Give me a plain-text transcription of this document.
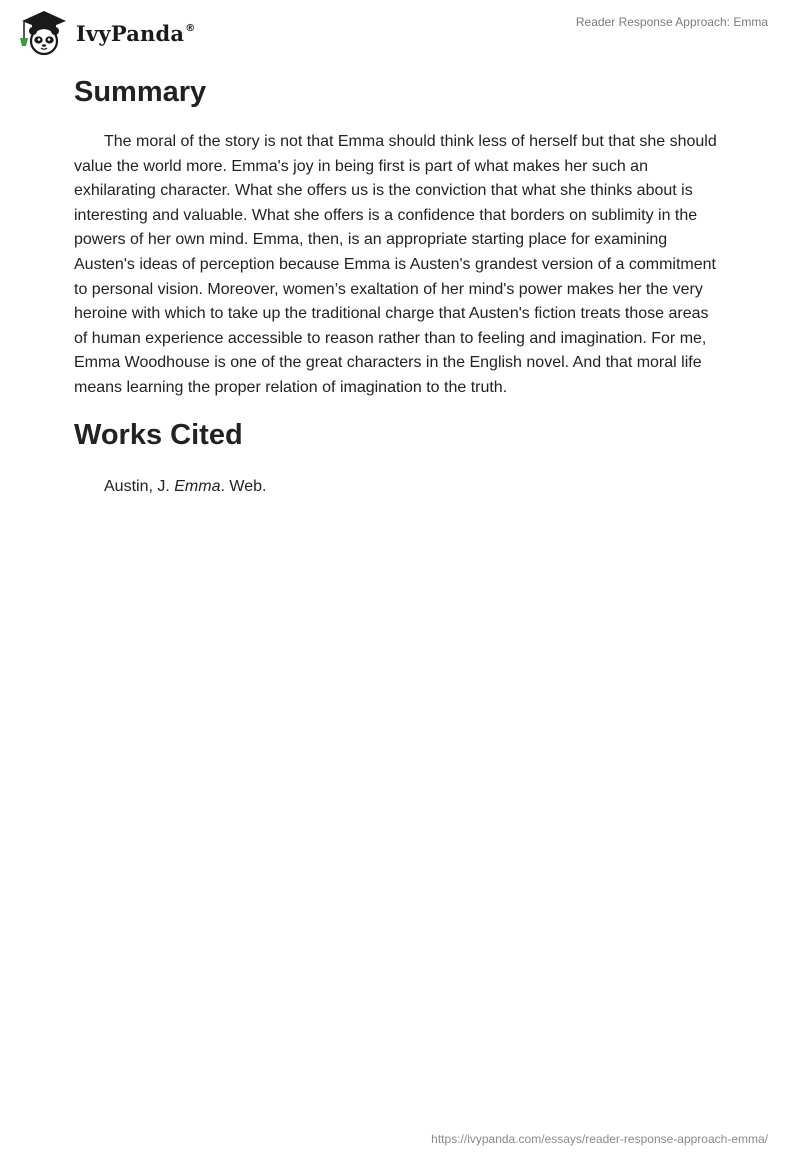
IvyPanda®	Reader Response Approach: Emma
Summary

The moral of the story is not that Emma should think less of herself but that she should value the world more. Emma's joy in being first is part of what makes her such an exhilarating character. What she offers us is the conviction that what she thinks about is interesting and valuable. What she offers is a confidence that borders on sublimity in the powers of her own mind. Emma, then, is an appropriate starting place for examining Austen's ideas of perception because Emma is Austen's grandest version of a commitment to personal vision. Moreover, women’s exaltation of her mind's power makes her the very heroine with which to take up the traditional charge that Austen's fiction treats those areas of human experience accessible to reason rather than to feeling and imagination. For me, Emma Woodhouse is one of the great characters in the English novel. And that moral life means learning the proper relation of imagination to the truth.

Works Cited

Austin, J. Emma. Web.

https://ivypanda.com/essays/reader-response-approach-emma/
